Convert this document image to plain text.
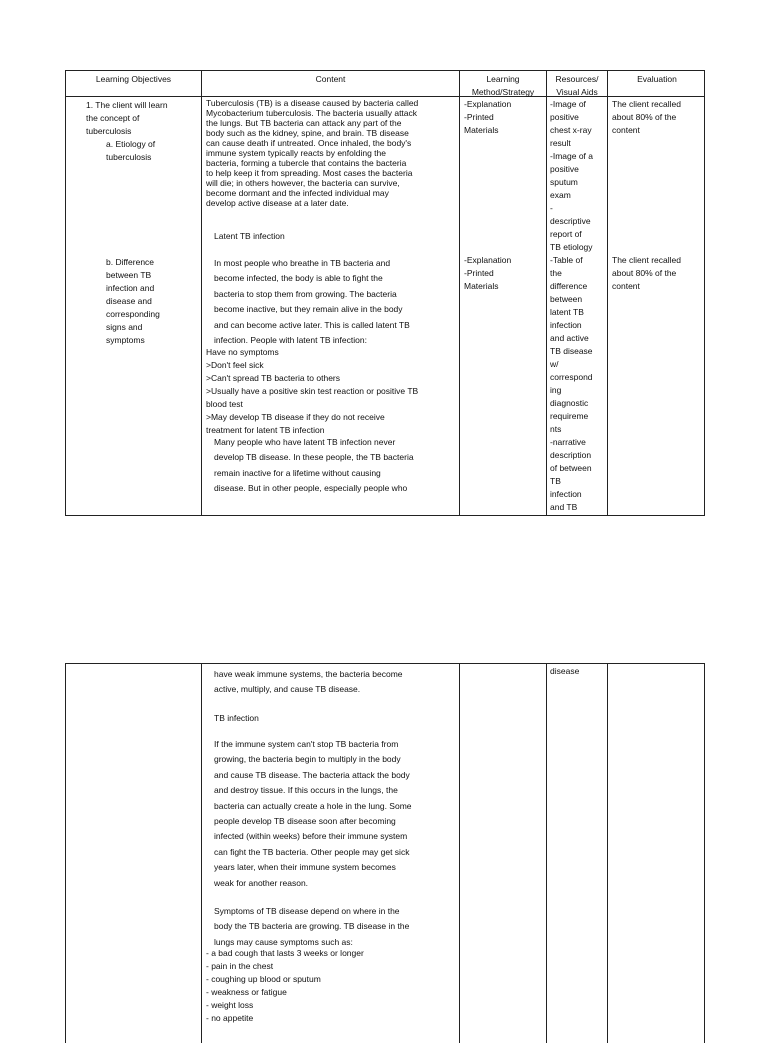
Learning Objectives	Content	Learning
Method/Strategy
Resources/
Visual Aids
Evaluation
1. The client will learn
the concept of
tuberculosis
a. Etiology of
tuberculosis
b. Difference
between TB
infection and
disease and
corresponding
signs and
symptoms
Tuberculosis (TB) is a disease caused by bacteria called
Mycobacterium tuberculosis. The bacteria usually attack
the lungs. But TB bacteria can attack any part of the
body such as the kidney, spine, and brain. TB disease
can cause death if untreated. Once inhaled, the body's
immune system typically reacts by enfolding the
bacteria, forming a tubercle that contains the bacteria
to help keep it from spreading. Most cases the bacteria
will die; in others however, the bacteria can survive,
become dormant and the infected individual may
develop active disease at a later date.
Latent TB infection
In most people who breathe in TB bacteria and
become infected, the body is able to fight the
bacteria to stop them from growing. The bacteria
become inactive, but they remain alive in the body
and can become active later. This is called latent TB
infection. People with latent TB infection:
Have no symptoms
>Don't feel sick
>Can't spread TB bacteria to others
>Usually have a positive skin test reaction or positive TB
blood test
>May develop TB disease if they do not receive
treatment for latent TB infection
Many people who have latent TB infection never
develop TB disease. In these people, the TB bacteria
remain inactive for a lifetime without causing
disease. But in other people, especially people who
-Explanation
-Printed
Materials
-Explanation
-Printed
Materials
-Image of
positive
chest x-ray
result
-Image of a
positive
sputum
exam
-
descriptive
report of
TB etiology
-Table of
the
difference
between
latent TB
infection
and active
TB disease
w/
correspond
ing
diagnostic
requireme
nts
-narrative
description
of between
TB
infection
and TB
The client recalled
about 80% of the
content
The client recalled
about 80% of the
content
have weak immune systems, the bacteria become
active, multiply, and cause TB disease.
TB infection
If the immune system can't stop TB bacteria from
growing, the bacteria begin to multiply in the body
and cause TB disease. The bacteria attack the body
and destroy tissue. If this occurs in the lungs, the
bacteria can actually create a hole in the lung. Some
people develop TB disease soon after becoming
infected (within weeks) before their immune system
can fight the TB bacteria. Other people may get sick
years later, when their immune system becomes
weak for another reason.
Symptoms of TB disease depend on where in the
body the TB bacteria are growing. TB disease in the
lungs may cause symptoms such as:
- a bad cough that lasts 3 weeks or longer
- pain in the chest
- coughing up blood or sputum
- weakness or fatigue
- weight loss
- no appetite
disease
